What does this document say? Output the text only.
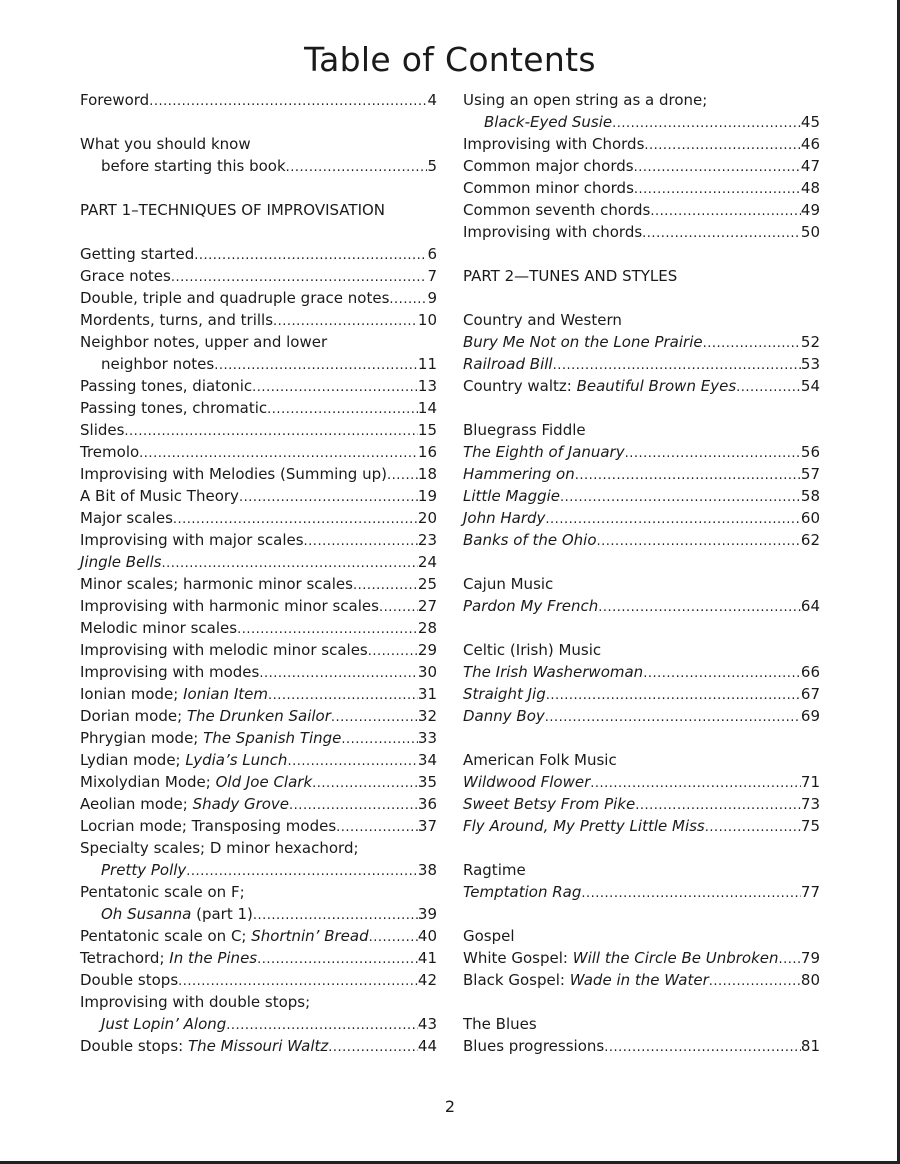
Table of Contents
Foreword .....	4
What you should know
before starting this book .....	5
PART 1–TECHNIQUES OF IMPROVISATION
Getting started .....	6
Grace notes .....	7
Double, triple and quadruple grace notes .....	9
Mordents, turns, and trills .....	10
Neighbor notes, upper and lower
neighbor notes .....	11
Passing tones, diatonic .....	13
Passing tones, chromatic .....	14
Slides .....	15
Tremolo .....	16
Improvising with Melodies (Summing up) ..... 18
A Bit of Music Theory .....	19
Major scales .....	20
Improvising with major scales .....	23
Jingle Bells .....	24
Minor scales; harmonic minor scales .....	25
Improvising with harmonic minor scales .....	27
Melodic minor scales .....	28
Improvising with melodic minor scales .....	29
Improvising with modes .....	30
Ionian mode; Ionian Item .....	31
Dorian mode; The Drunken Sailor .....	32
Phrygian mode; The Spanish Tinge .....	33
Lydian mode; Lydia’s Lunch .....	34
Mixolydian Mode; Old Joe Clark .....	35
Aeolian mode; Shady Grove .....	36
Locrian mode; Transposing modes .....	37
Specialty scales; D minor hexachord;
Pretty Polly .....	38
Pentatonic scale on F;
Oh Susanna (part 1) .....	39
Pentatonic scale on C; Shortnin’ Bread .....	40
Tetrachord; In the Pines .....	41
Double stops .....	42
Improvising with double stops;
Just Lopin’ Along .....	43
Double stops: The Missouri Waltz .....	44
Using an open string as a drone;
Black-Eyed Susie .....	45
Improvising with Chords .....	46
Common major chords .....	47
Common minor chords .....	48
Common seventh chords .....	49
Improvising with chords .....	50
PART 2—TUNES AND STYLES
Country and Western
Bury Me Not on the Lone Prairie .....	52
Railroad Bill .....	53
Country waltz: Beautiful Brown Eyes .....	54
Bluegrass Fiddle
The Eighth of January .....	56
Hammering on .....	57
Little Maggie .....	58
John Hardy .....	60
Banks of the Ohio .....	62
Cajun Music
Pardon My French .....	64
Celtic (Irish) Music
The Irish Washerwoman .....	66
Straight Jig .....	67
Danny Boy .....	69
American Folk Music
Wildwood Flower .....	71
Sweet Betsy From Pike .....	73
Fly Around, My Pretty Little Miss .....	75
Ragtime
Temptation Rag .....	77
Gospel
White Gospel: Will the Circle Be Unbroken ..... 79
Black Gospel: Wade in the Water .....	80
The Blues
Blues progressions .....	81
2
